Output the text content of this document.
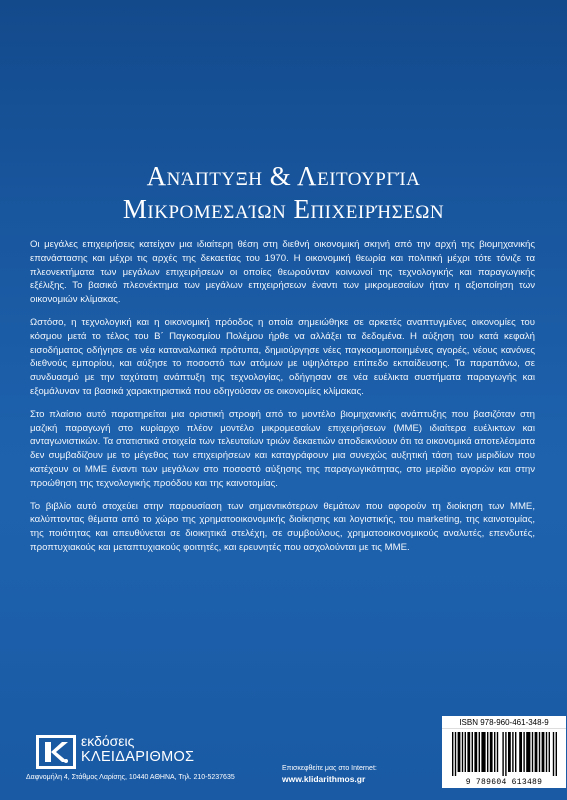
Ανάπτυξη & Λειτουργία
Μικρομεσαίων Επιχειρήσεων

Οι μεγάλες επιχειρήσεις κατείχαν μια ιδιαίτερη θέση στη διεθνή οικονομική σκηνή από την αρχή της βιομηχανικής επανάστασης και μέχρι τις αρχές της δεκαετίας του 1970. Η οικονομική θεωρία και πολιτική μέχρι τότε τόνιζε τα πλεονεκτήματα των μεγάλων επιχειρήσεων οι οποίες θεωρούνταν κοινωνοί της τεχνολογικής και παραγωγικής εξέλιξης. Το βασικό πλεονέκτημα των μεγάλων επιχειρήσεων έναντι των μικρομεσαίων ήταν η αξιοποίηση των οικονομιών κλίμακας.

Ωστόσο, η τεχνολογική και η οικονομική πρόοδος η οποία σημειώθηκε σε αρκετές αναπτυγμένες οικονομίες του κόσμου μετά το τέλος του Β΄ Παγκοσμίου Πολέμου ήρθε να αλλάξει τα δεδομένα. Η αύξηση του κατά κεφαλή εισοδήματος οδήγησε σε νέα καταναλωτικά πρότυπα, δημιούργησε νέες παγκοσμιοποιημένες αγορές, νέους κανόνες διεθνούς εμπορίου, και αύξησε το ποσοστό των ατόμων με υψηλότερο επίπεδο εκπαίδευσης. Τα παραπάνω, σε συνδυασμό με την ταχύτατη ανάπτυξη της τεχνολογίας, οδήγησαν σε νέα ευέλικτα συστήματα παραγωγής και εξομάλυναν τα βασικά χαρακτηριστικά που οδηγούσαν σε οικονομίες κλίμακας.

Στο πλαίσιο αυτό παρατηρείται μια οριστική στροφή από το μοντέλο βιομηχανικής ανάπτυξης που βασιζόταν στη μαζική παραγωγή στο κυρίαρχο πλέον μοντέλο μικρομεσαίων επιχειρήσεων (ΜΜΕ) ιδιαίτερα ευέλικτων και ανταγωνιστικών. Τα στατιστικά στοιχεία των τελευταίων τριών δεκαετιών αποδεικνύουν ότι τα οικονομικά αποτελέσματα δεν συμβαδίζουν με το μέγεθος των επιχειρήσεων και καταγράφουν μια συνεχώς αυξητική τάση των μεριδίων που κατέχουν οι ΜΜΕ έναντι των μεγάλων στο ποσοστό αύξησης της παραγωγικότητας, στο μερίδιο αγορών και στην προώθηση της τεχνολογικής προόδου και της καινοτομίας.

Το βιβλίο αυτό στοχεύει στην παρουσίαση των σημαντικότερων θεμάτων που αφορούν τη διοίκηση των ΜΜΕ, καλύπτοντας θέματα από το χώρο της χρηματοοικονομικής διοίκησης και λογιστικής, του marketing, της καινοτομίας, της ποιότητας και απευθύνεται σε διοικητικά στελέχη, σε συμβούλους, χρηματοοικονομικούς αναλυτές, επενδυτές, προπτυχιακούς και μεταπτυχιακούς φοιτητές, και ερευνητές που ασχολούνται με τις ΜΜΕ.

εκδόσεις
ΚΛΕΙΔΑΡΙΘΜΟΣ
Δαφνομήλη 4, Στάθμος Λαρίσης, 10440 ΑΘΗΝΑ, Τηλ. 210-5237635
Επισκεφθείτε μας στο Internet:
www.klidarithmos.gr
ISBN 978-960-461-348-9
9 789604 613489
